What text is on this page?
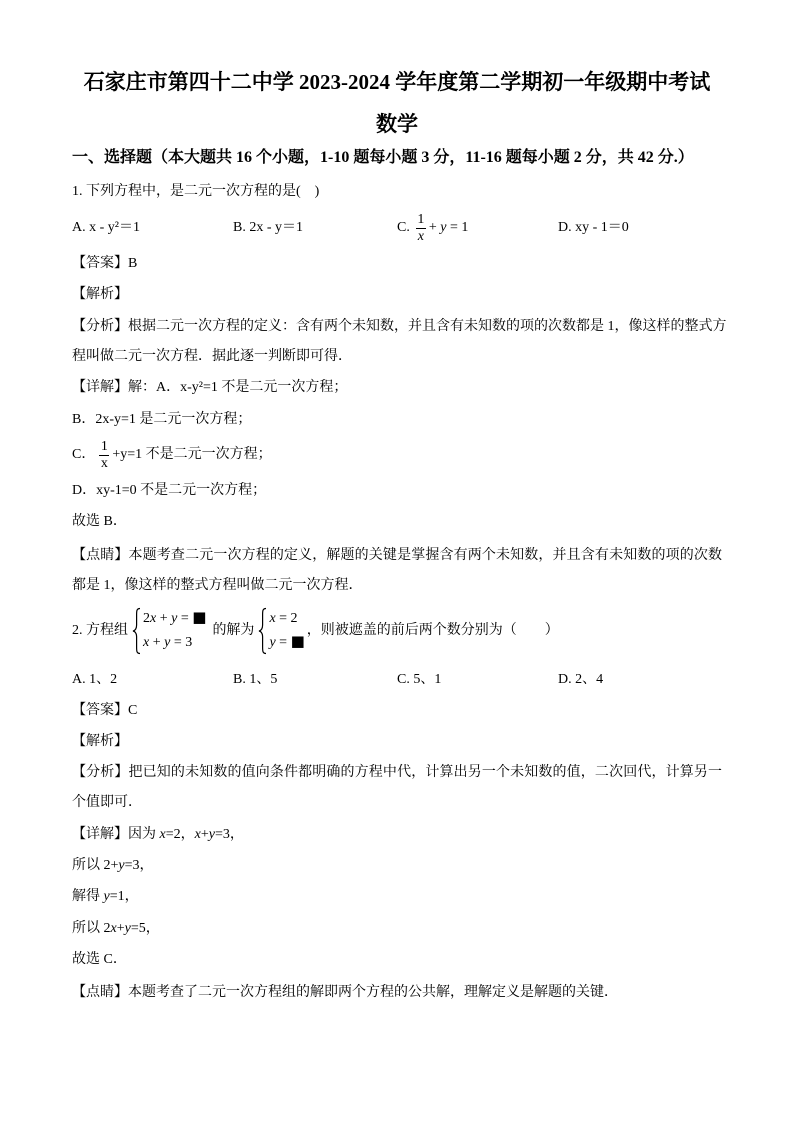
石家庄市第四十二中学 2023-2024 学年度第二学期初一年级期中考试
数学
一、选择题（本大题共 16 个小题，1-10 题每小题 3 分，11-16 题每小题 2 分，共 42 分.）
1. 下列方程中，是二元一次方程的是(　)
A. x - y²＝1	B. 2x - y＝1	C. $\frac{1}{x} + y = 1$	D. xy - 1＝0
【答案】B
【解析】
【分析】根据二元一次方程的定义：含有两个未知数，并且含有未知数的项的次数都是 1，像这样的整式方
程叫做二元一次方程．据此逐一判断即可得．
【详解】解：A．x-y²=1 不是二元一次方程；
B．2x-y=1 是二元一次方程；
C． $\frac{1}{x} +y=1$ 不是二元一次方程；
D．xy-1=0 不是二元一次方程；
故选 B．
【点睛】本题考查二元一次方程的定义，解题的关键是掌握含有两个未知数，并且含有未知数的项的次数
都是 1，像这样的整式方程叫做二元一次方程．
2. 方程组
2x + y = ■
x + y = 3
的解为
x = 2
y = ■
，则被遮盖的前后两个数分别为（　　）
A. 1、2	B. 1、5	C. 5、1	D. 2、4
【答案】C
【解析】
【分析】把已知的未知数的值向条件都明确的方程中代，计算出另一个未知数的值，二次回代，计算另一
个值即可．
【详解】因为 x=2，x+y=3，
所以 2+y=3，
解得 y=1，
所以 2x+y=5，
故选 C．
【点睛】本题考查了二元一次方程组的解即两个方程的公共解，理解定义是解题的关键．
